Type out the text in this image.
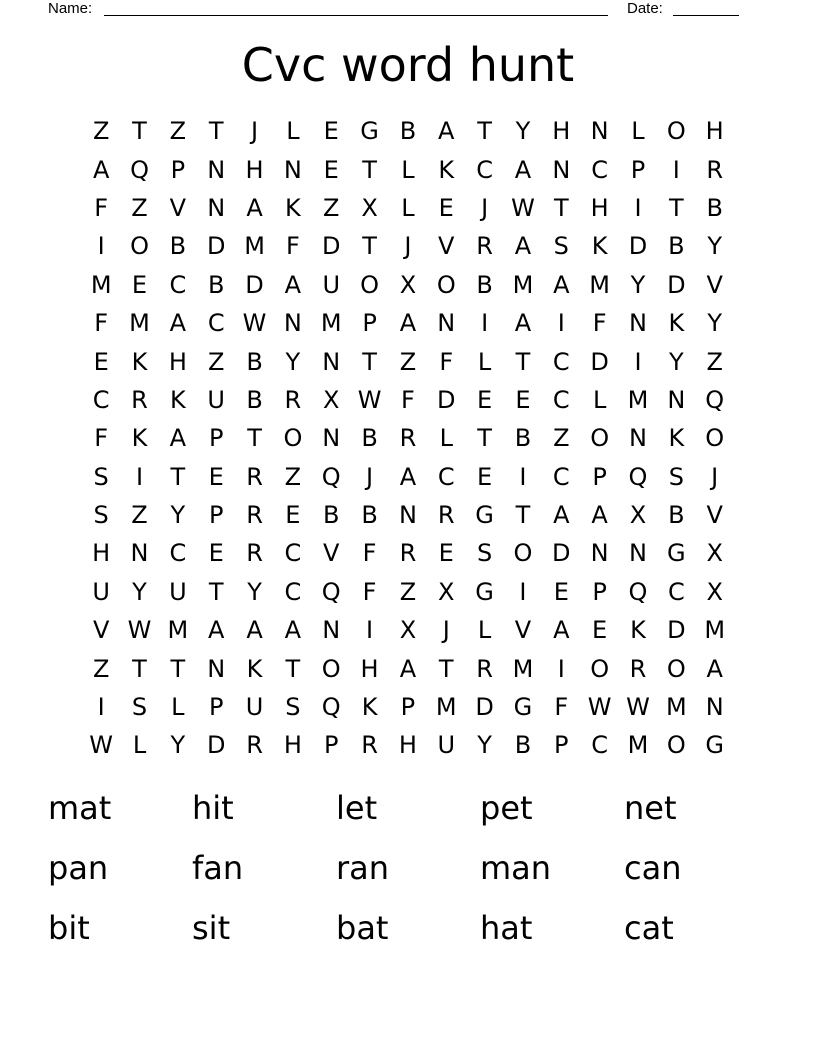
Name:	Date:
Cvc word hunt
Z T Z T	J	L	E G B A T Y H N L O H
A Q P N H N E T	L K C A N C P	I	R
F Z V N A K Z X L	E	J W T H	I	T B
I	O B D M F D T	J	V R A S K D B Y
M E C B D A U O X O B M A M Y D V
F M A C W N M P A N	I	A	I	F N K Y
E K H Z B Y N T Z F	L	T C D	I	Y Z
C R K U B R X W F D E E C L M N Q
F K A P T O N B R L	T B Z O N K O
S	I	T E R Z Q	J	A C E	I	C P Q S	J
S Z Y P R E B B N R G T A A X B V
H N C E R C V F R E S O D N N G X
U Y U T Y C Q F Z X G	I	E P Q C X
V W M A A A N	I	X	J	L V A E K D M
Z T T N K T O H A T R M	I	O R O A
I	S	L	P U S Q K P M D G F W W M N
W L	Y D R H P R H U Y B P C M O G
mat	hit	let	pet	net
pan	fan	ran	man	can
bit	sit	bat	hat	cat
